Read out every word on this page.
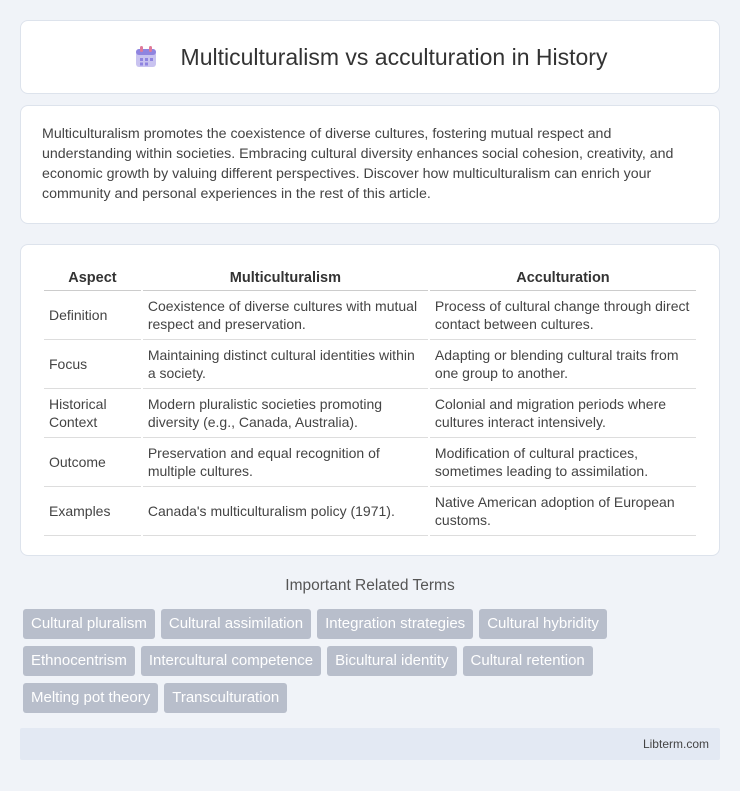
Multiculturalism vs acculturation in History

Multiculturalism promotes the coexistence of diverse cultures, fostering mutual respect and understanding within societies. Embracing cultural diversity enhances social cohesion, creativity, and economic growth by valuing different perspectives. Discover how multiculturalism can enrich your community and personal experiences in the rest of this article.

Aspect	Multiculturalism	Acculturation
Definition	Coexistence of diverse cultures with mutual respect and preservation.	Process of cultural change through direct contact between cultures.
Focus	Maintaining distinct cultural identities within a society.	Adapting or blending cultural traits from one group to another.
Historical Context	Modern pluralistic societies promoting diversity (e.g., Canada, Australia).	Colonial and migration periods where cultures interact intensively.
Outcome	Preservation and equal recognition of multiple cultures.	Modification of cultural practices, sometimes leading to assimilation.
Examples	Canada's multiculturalism policy (1971).	Native American adoption of European customs.
Important Related Terms
Cultural pluralism	Cultural assimilation	Integration strategies	Cultural hybridity
Ethnocentrism	Intercultural competence	Bicultural identity	Cultural retention
Melting pot theory	Transculturation
Libterm.com
